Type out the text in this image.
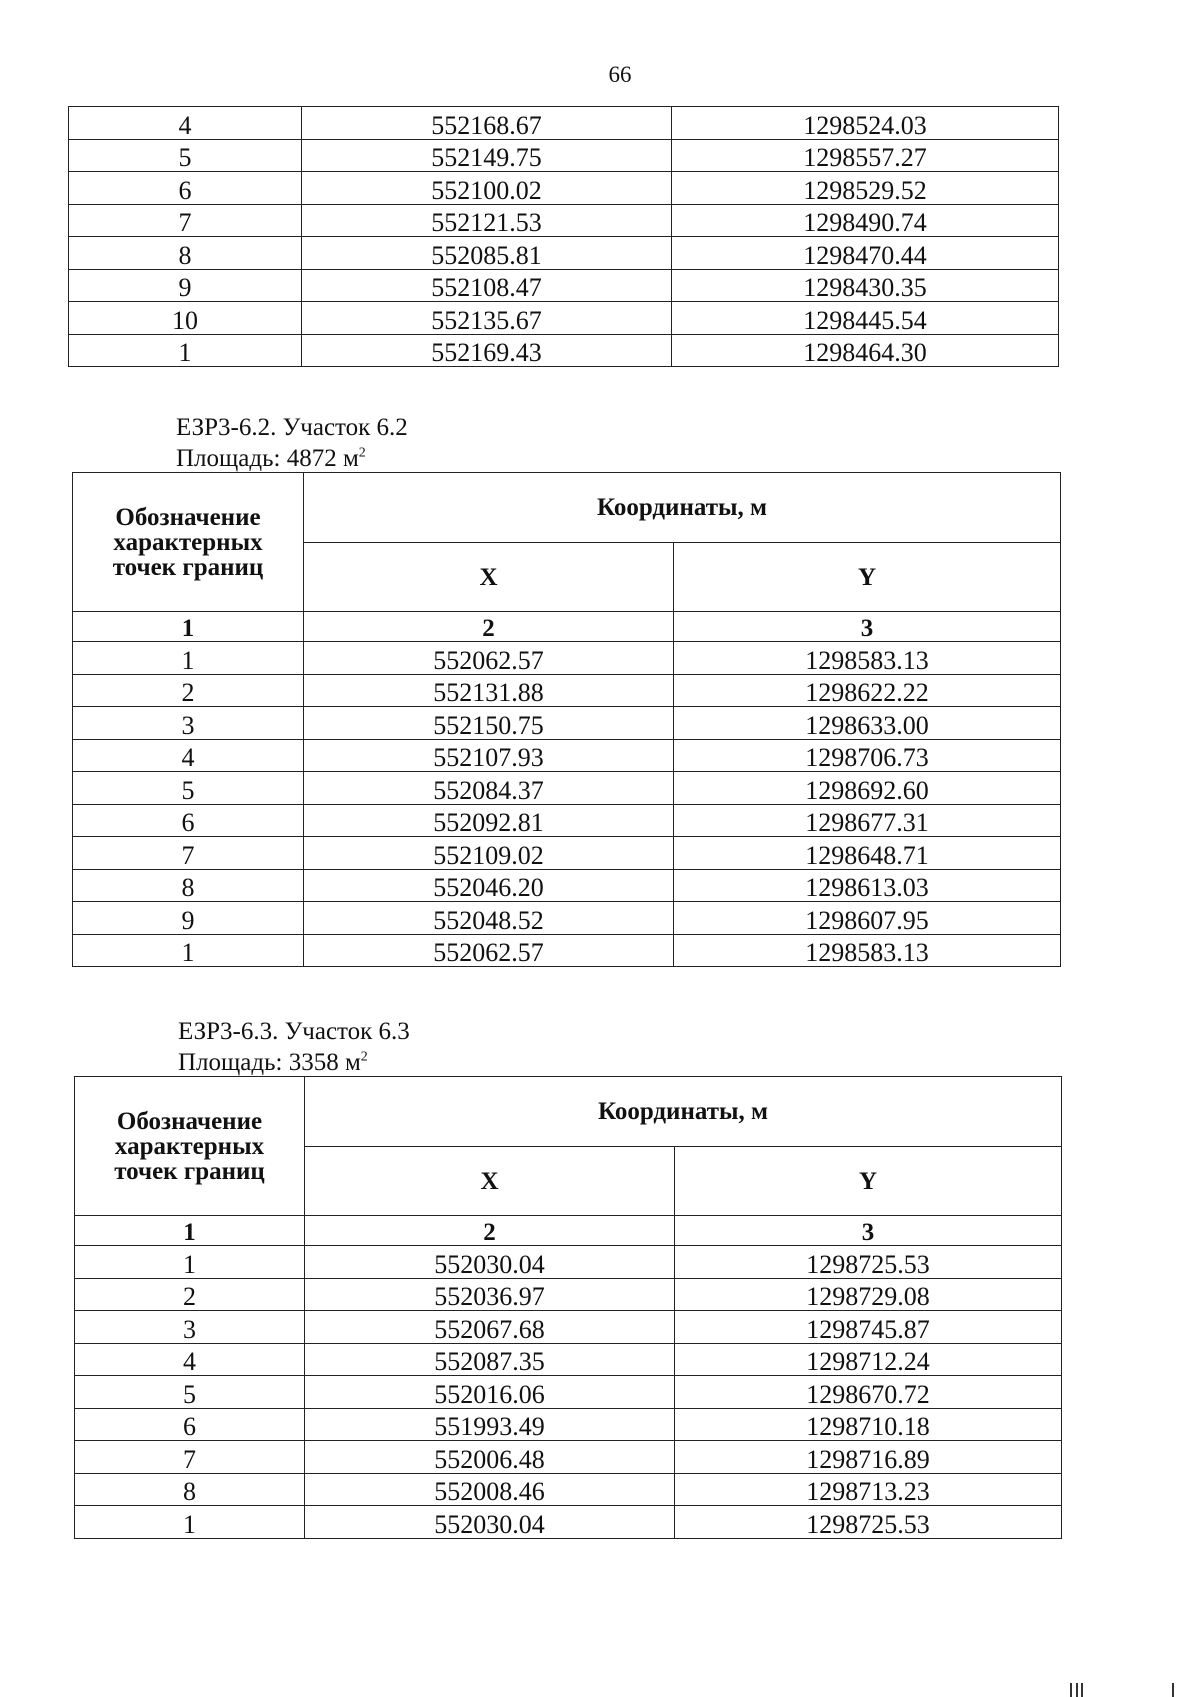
66
4	552168.67	1298524.03
5	552149.75	1298557.27
6	552100.02	1298529.52
7	552121.53	1298490.74
8	552085.81	1298470.44
9	552108.47	1298430.35
10	552135.67	1298445.54
1	552169.43	1298464.30
ЕЗР3-6.2. Участок 6.2
Площадь: 4872 $м^2$
Обозначение
характерных
точек границ	Координаты, м	
	X	Y
1	2	3
1	552062.57	1298583.13
2	552131.88	1298622.22
3	552150.75	1298633.00
4	552107.93	1298706.73
5	552084.37	1298692.60
6	552092.81	1298677.31
7	552109.02	1298648.71
8	552046.20	1298613.03
9	552048.52	1298607.95
1	552062.57	1298583.13
ЕЗР3-6.3. Участок 6.3
Площадь: 3358 $м^2$
Обозначение
характерных
точек границ	Координаты, м	
	X	Y
1	2	3
1	552030.04	1298725.53
2	552036.97	1298729.08
3	552067.68	1298745.87
4	552087.35	1298712.24
5	552016.06	1298670.72
6	551993.49	1298710.18
7	552006.48	1298716.89
8	552008.46	1298713.23
1	552030.04	1298725.53
